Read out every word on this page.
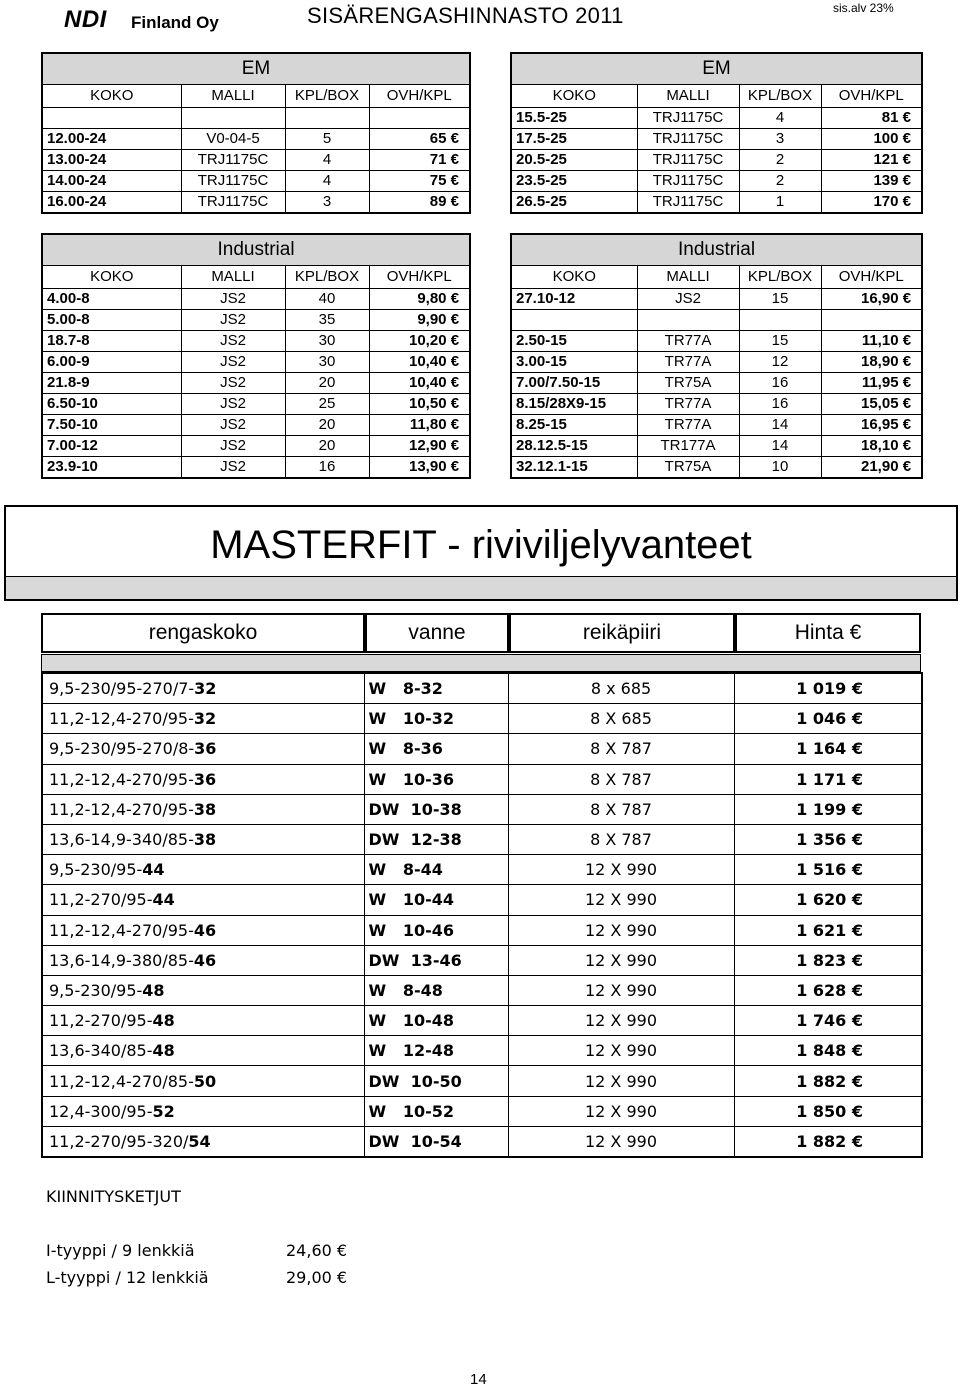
NDI Finland Oy	SISÄRENGASHINNASTO 2011	sis.alv 23%
EM			
KOKO	MALLI	KPL/BOX	OVH/KPL

12.00-24	V0-04-5	5	65 €
13.00-24	TRJ1175C	4	71 €
14.00-24	TRJ1175C	4	75 €
16.00-24	TRJ1175C	3	89 €
EM			
KOKO	MALLI	KPL/BOX	OVH/KPL
15.5-25	TRJ1175C	4	81 €
17.5-25	TRJ1175C	3	100 €
20.5-25	TRJ1175C	2	121 €
23.5-25	TRJ1175C	2	139 €
26.5-25	TRJ1175C	1	170 €
Industrial			
KOKO	MALLI	KPL/BOX	OVH/KPL
4.00-8	JS2	40	9,80 €
5.00-8	JS2	35	9,90 €
18.7-8	JS2	30	10,20 €
6.00-9	JS2	30	10,40 €
21.8-9	JS2	20	10,40 €
6.50-10	JS2	25	10,50 €
7.50-10	JS2	20	11,80 €
7.00-12	JS2	20	12,90 €
23.9-10	JS2	16	13,90 €
Industrial			
KOKO	MALLI	KPL/BOX	OVH/KPL
27.10-12	JS2	15	16,90 €

2.50-15	TR77A	15	11,10 €
3.00-15	TR77A	12	18,90 €
7.00/7.50-15	TR75A	16	11,95 €
8.15/28X9-15	TR77A	16	15,05 €
8.25-15	TR77A	14	16,95 €
28.12.5-15	TR177A	14	18,10 €
32.12.1-15	TR75A	10	21,90 €
MASTERFIT - riviviljelyvanteet
rengaskoko	vanne	reikäpiiri	Hinta €
9,5-230/95-270/7-32	W   8-32	8 x 685	1 019 €
11,2-12,4-270/95-32	W   10-32	8 X 685	1 046 €
9,5-230/95-270/8-36	W   8-36	8 X 787	1 164 €
11,2-12,4-270/95-36	W   10-36	8 X 787	1 171 €
11,2-12,4-270/95-38	DW  10-38	8 X 787	1 199 €
13,6-14,9-340/85-38	DW  12-38	8 X 787	1 356 €
9,5-230/95-44	W   8-44	12 X 990	1 516 €
11,2-270/95-44	W   10-44	12 X 990	1 620 €
11,2-12,4-270/95-46	W   10-46	12 X 990	1 621 €
13,6-14,9-380/85-46	DW  13-46	12 X 990	1 823 €
9,5-230/95-48	W   8-48	12 X 990	1 628 €
11,2-270/95-48	W   10-48	12 X 990	1 746 €
13,6-340/85-48	W   12-48	12 X 990	1 848 €
11,2-12,4-270/85-50	DW  10-50	12 X 990	1 882 €
12,4-300/95-52	W   10-52	12 X 990	1 850 €
11,2-270/95-320/54	DW  10-54	12 X 990	1 882 €
KIINNITYSKETJUT
I-tyyppi / 9 lenkkiä	24,60 €
L-tyyppi / 12 lenkkiä	29,00 €
14
